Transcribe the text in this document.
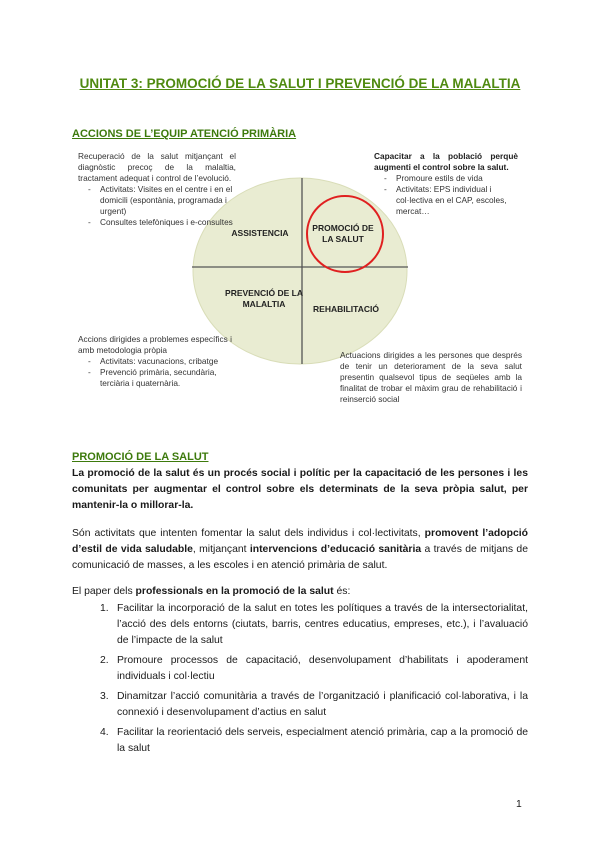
UNITAT 3: PROMOCIÓ DE LA SALUT I PREVENCIÓ DE LA MALALTIA
ACCIONS DE L’EQUIP ATENCIÓ PRIMÀRIA
ASSISTENCIA	PROMOCIÓ DE LA SALUT
PREVENCIÓ DE LA MALALTIA	REHABILITACIÓ
Recuperació de la salut mitjançant el diagnòstic precoç de la malaltia, tractament adequat i control de l’evolució.
- Activitats: Visites en el centre i en el domicili (espontània, programada i urgent)
- Consultes telefòniques i e-consultes
Capacitar a la població perquè augmenti el control sobre la salut.
- Promoure estils de vida
- Activitats: EPS individual i col·lectiva en el CAP, escoles, mercat…
Accions dirigides a problemes específics i amb metodologia pròpia
- Activitats: vacunacions, cribatge
- Prevenció primària, secundària, terciària i quaternària.
Actuacions dirigides a les persones que després de tenir un deteriorament de la seva salut presentin qualsevol tipus de seqüeles amb la finalitat de trobar el màxim grau de rehabilitació i reinserció social
PROMOCIÓ DE LA SALUT
La promoció de la salut és un procés social i polític per la capacitació de les persones i les comunitats per augmentar el control sobre els determinats de la seva pròpia salut, per mantenir-la o millorar-la.
Són activitats que intenten fomentar la salut dels individus i col·lectivitats, promovent l’adopció d’estil de vida saludable, mitjançant intervencions d’educació sanitària a través de mitjans de comunicació de masses, a les escoles i en atenció primària de salut.
El paper dels professionals en la promoció de la salut és:
1. Facilitar la incorporació de la salut en totes les polítiques a través de la intersectorialitat, l’acció des dels entorns (ciutats, barris, centres educatius, empreses, etc.), i l’avaluació de l’impacte de la salut
2. Promoure processos de capacitació, desenvolupament d’habilitats i apoderament individuals i col·lectiu
3. Dinamitzar l’acció comunitària a través de l’organització i planificació col·laborativa, i la connexió i desenvolupament d’actius en salut
4. Facilitar la reorientació dels serveis, especialment atenció primària, cap a la promoció de la salut
1
